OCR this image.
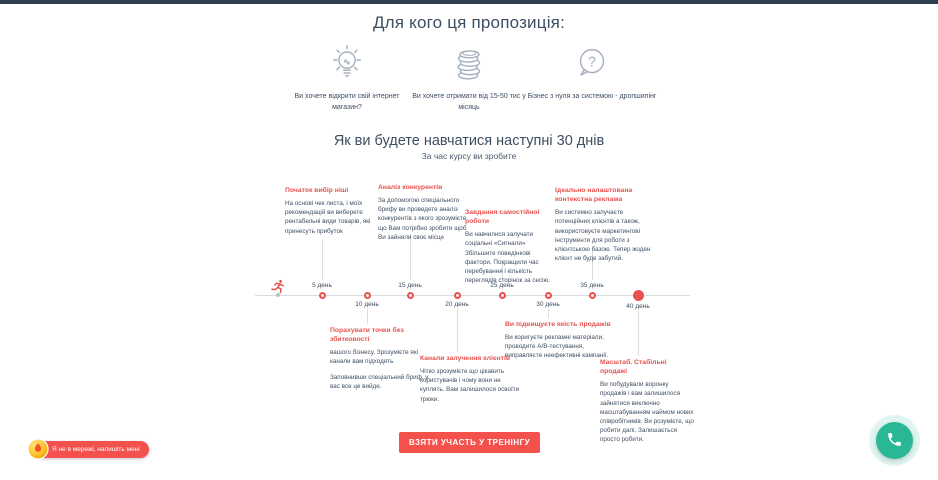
Для кого ця пропозиція:
Ви хочете відкрити свій інтернет магазин?
Ви хочете отримати від 15-50 тис у місяць
?
Бізнес з нуля за системою - дропшипінг
Як ви будете навчатися наступні 30 днів
За час курсу ви зробите
5 день
10 день
15 день
20 день
25 день
30 день
35 день
40 день
Початок вибір ніші
На основі чек листа, і моїх рекомендацій ви виберете рентабельні види товарів, які принесуть прибуток
Аналіз конкурентів
За допомогою спеціального брифу ви проведете аналіз конкурентів з якого зрозумієте що Вам потрібно зробити щоб Ви зайняли своє місце
Завдання самостійної роботи
Ви навчилися залучати соціальні «Сигнали» Збільшите поведінкові фактори. Покращили час перебування і кількість переглядів сторінок за сесію.
Ідеально налаштована контекстна реклама
Ви системно залучаєте потенційних клієнтів а також, використовуєте маркетингові інструменти для роботи з клієнтською базою. Тепер жоден клієнт не буде забутий.
Порахувати точки без збитковості
вашого бізнесу. Зрозумієте які канали вам підходять
Заповнивши спеціальний бриф, у вас все це вийде.
Канали залучення клієнтів
Чітко зрозумієте що цікавить користувачів і чому вони не куплять. Вам залишилося освоїти трюки.
Ви підвищуєте якість продажів
Ви коригуєте рекламні матеріали, проводите А/В-тестування, виправляєте неефективні кампанії.
Масштаб. Стабільні продажі
Ви побудували воронку продажів і вам залишилося зайнятися виключно масштабуванням наймом нових співробітників. Ви розумієте, що робити далі. Залишається просто робити.
ВЗЯТИ УЧАСТЬ У ТРЕНІНГУ
Я не в мережі, напишіть мені
